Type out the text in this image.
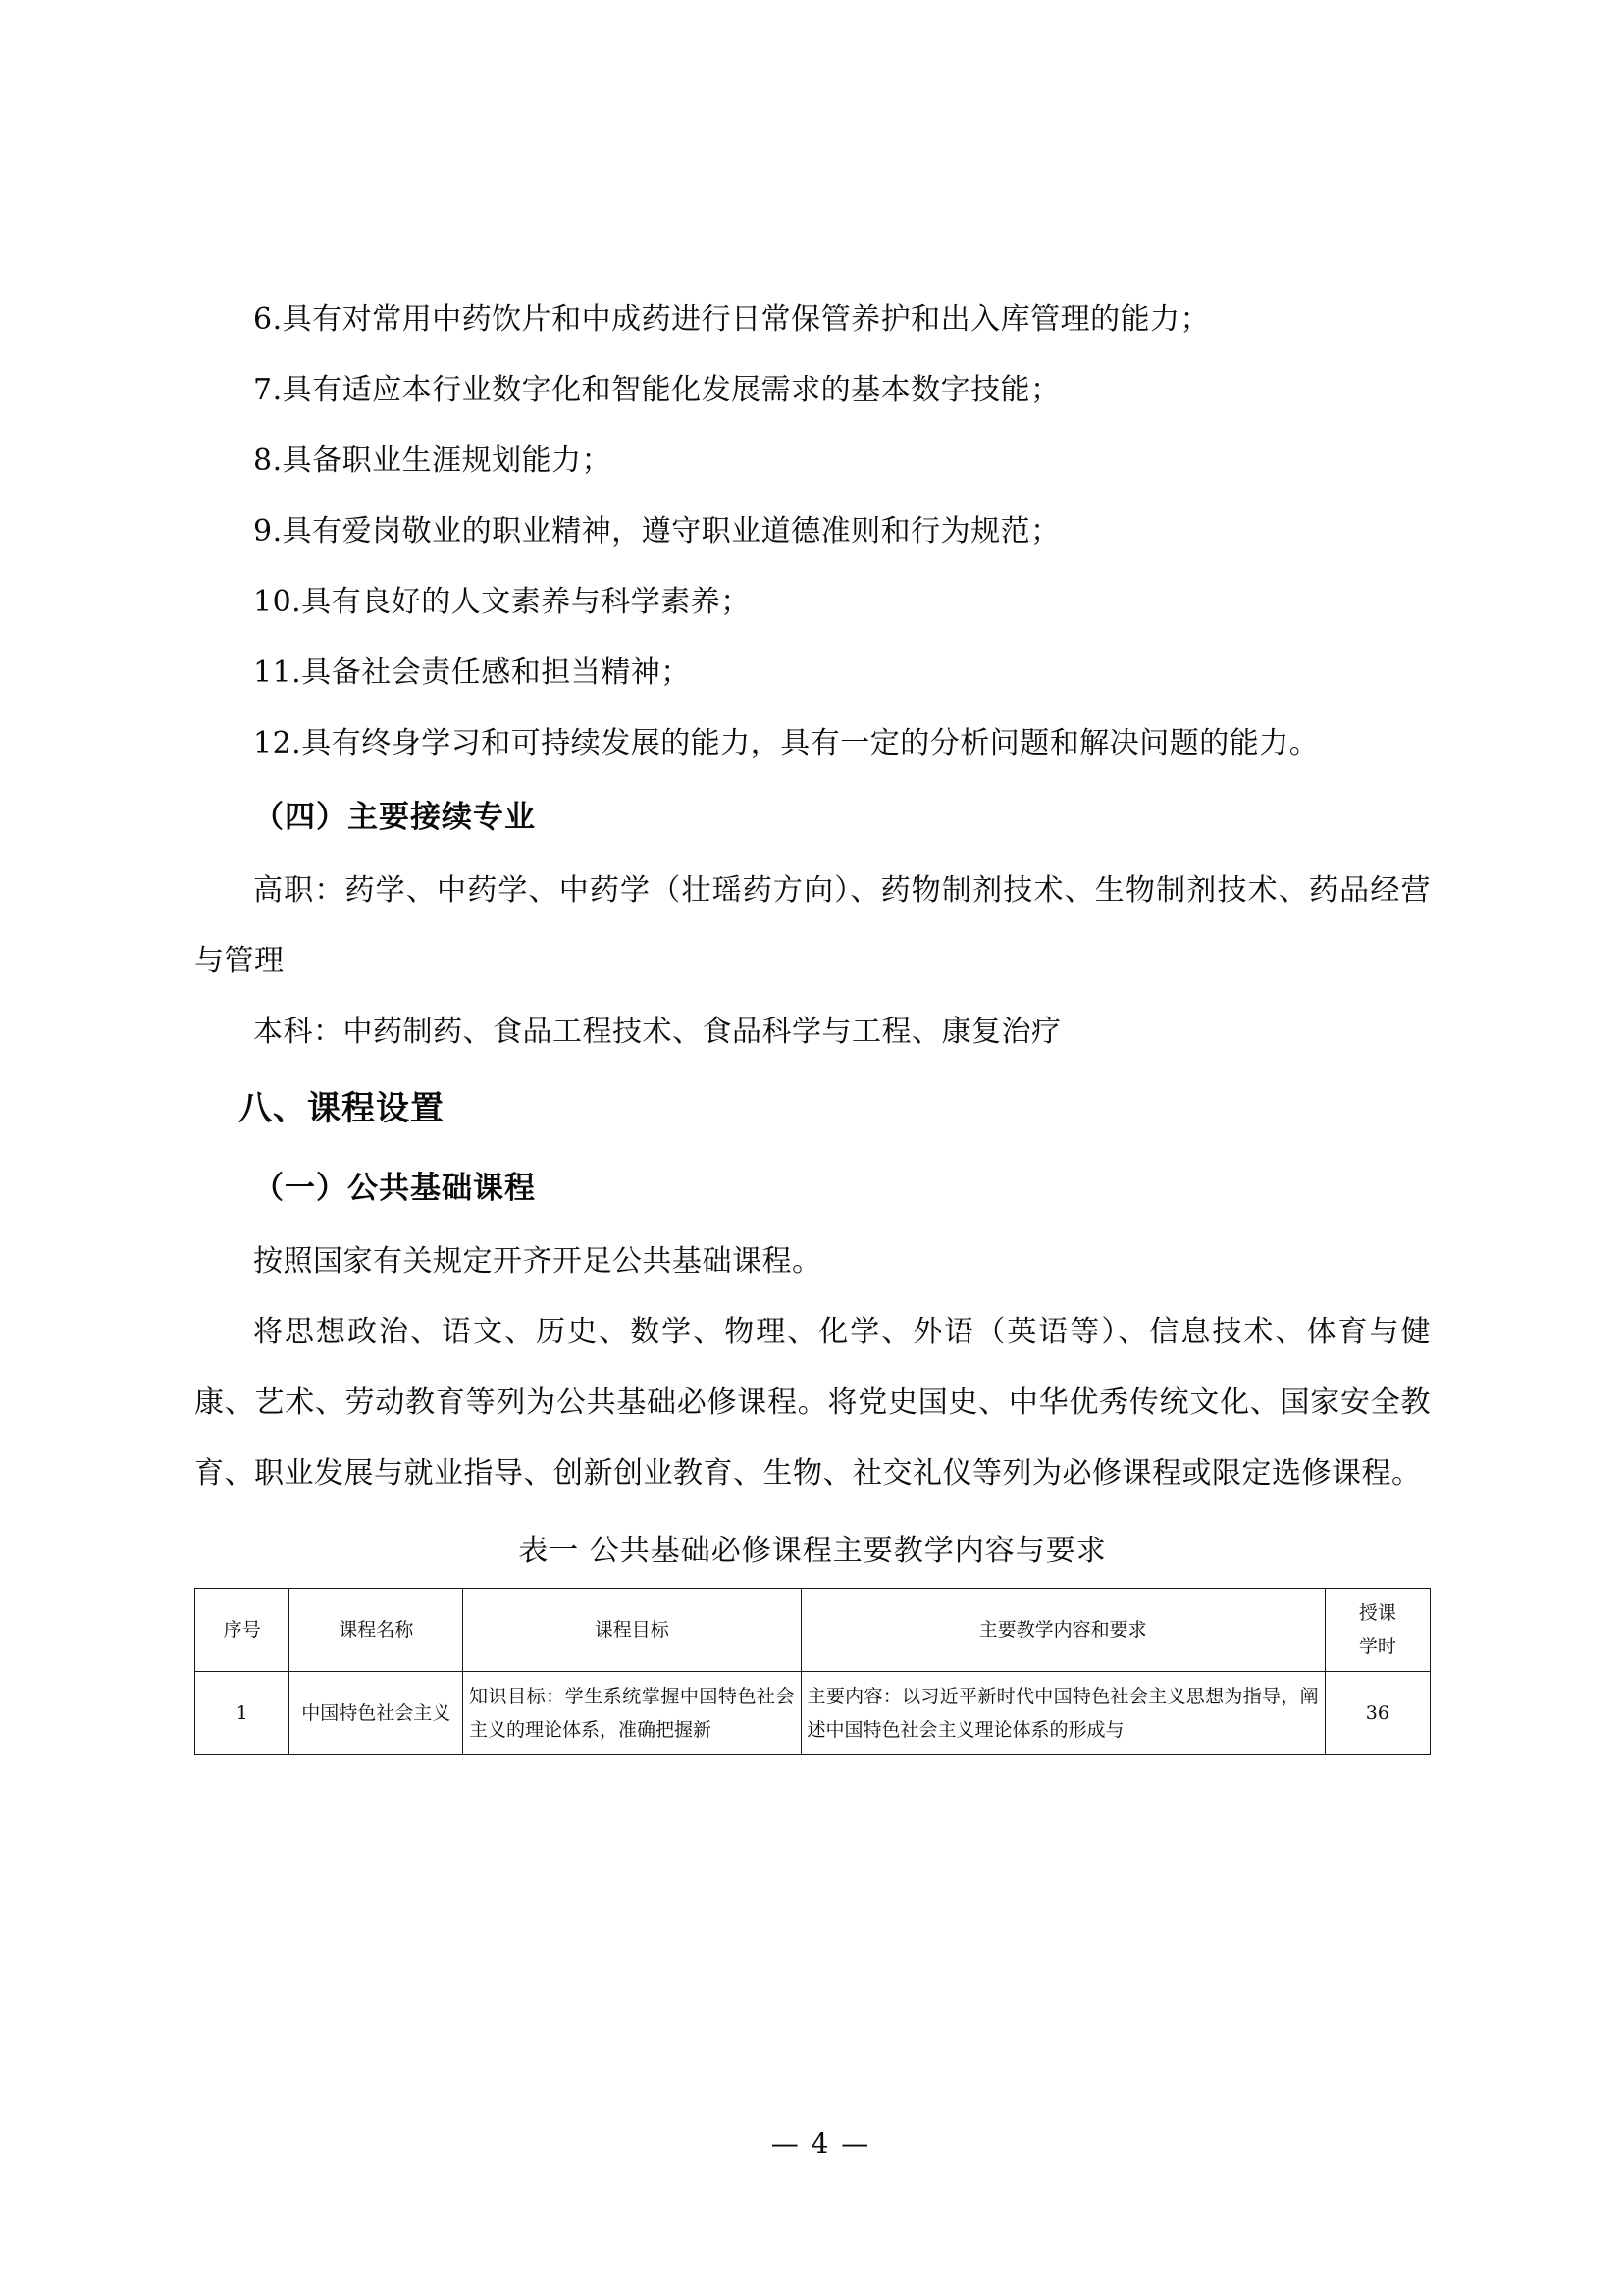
6.具有对常用中药饮片和中成药进行日常保管养护和出入库管理的能力；

7.具有适应本行业数字化和智能化发展需求的基本数字技能；

8.具备职业生涯规划能力；

9.具有爱岗敬业的职业精神，遵守职业道德准则和行为规范；

10.具有良好的人文素养与科学素养；

11.具备社会责任感和担当精神；

12.具有终身学习和可持续发展的能力，具有一定的分析问题和解决问题的能力。

（四）主要接续专业

高职：药学、中药学、中药学（壮瑶药方向）、药物制剂技术、生物制剂技术、药品经营与管理

本科：中药制药、食品工程技术、食品科学与工程、康复治疗

八、课程设置

（一）公共基础课程

按照国家有关规定开齐开足公共基础课程。

将思想政治、语文、历史、数学、物理、化学、外语（英语等）、信息技术、体育与健康、艺术、劳动教育等列为公共基础必修课程。将党史国史、中华优秀传统文化、国家安全教育、职业发展与就业指导、创新创业教育、生物、社交礼仪等列为必修课程或限定选修课程。

表一 公共基础必修课程主要教学内容与要求
序号	课程名称	课程目标	主要教学内容和要求	授课
学时

1	中国特色社会主义	知识目标：学生系统掌握中国特色社会主义的理论体系，准确把握新	主要内容：以习近平新时代中国特色社会主义思想为指导，阐述中国特色社会主义理论体系的形成与	36
— 4 —
